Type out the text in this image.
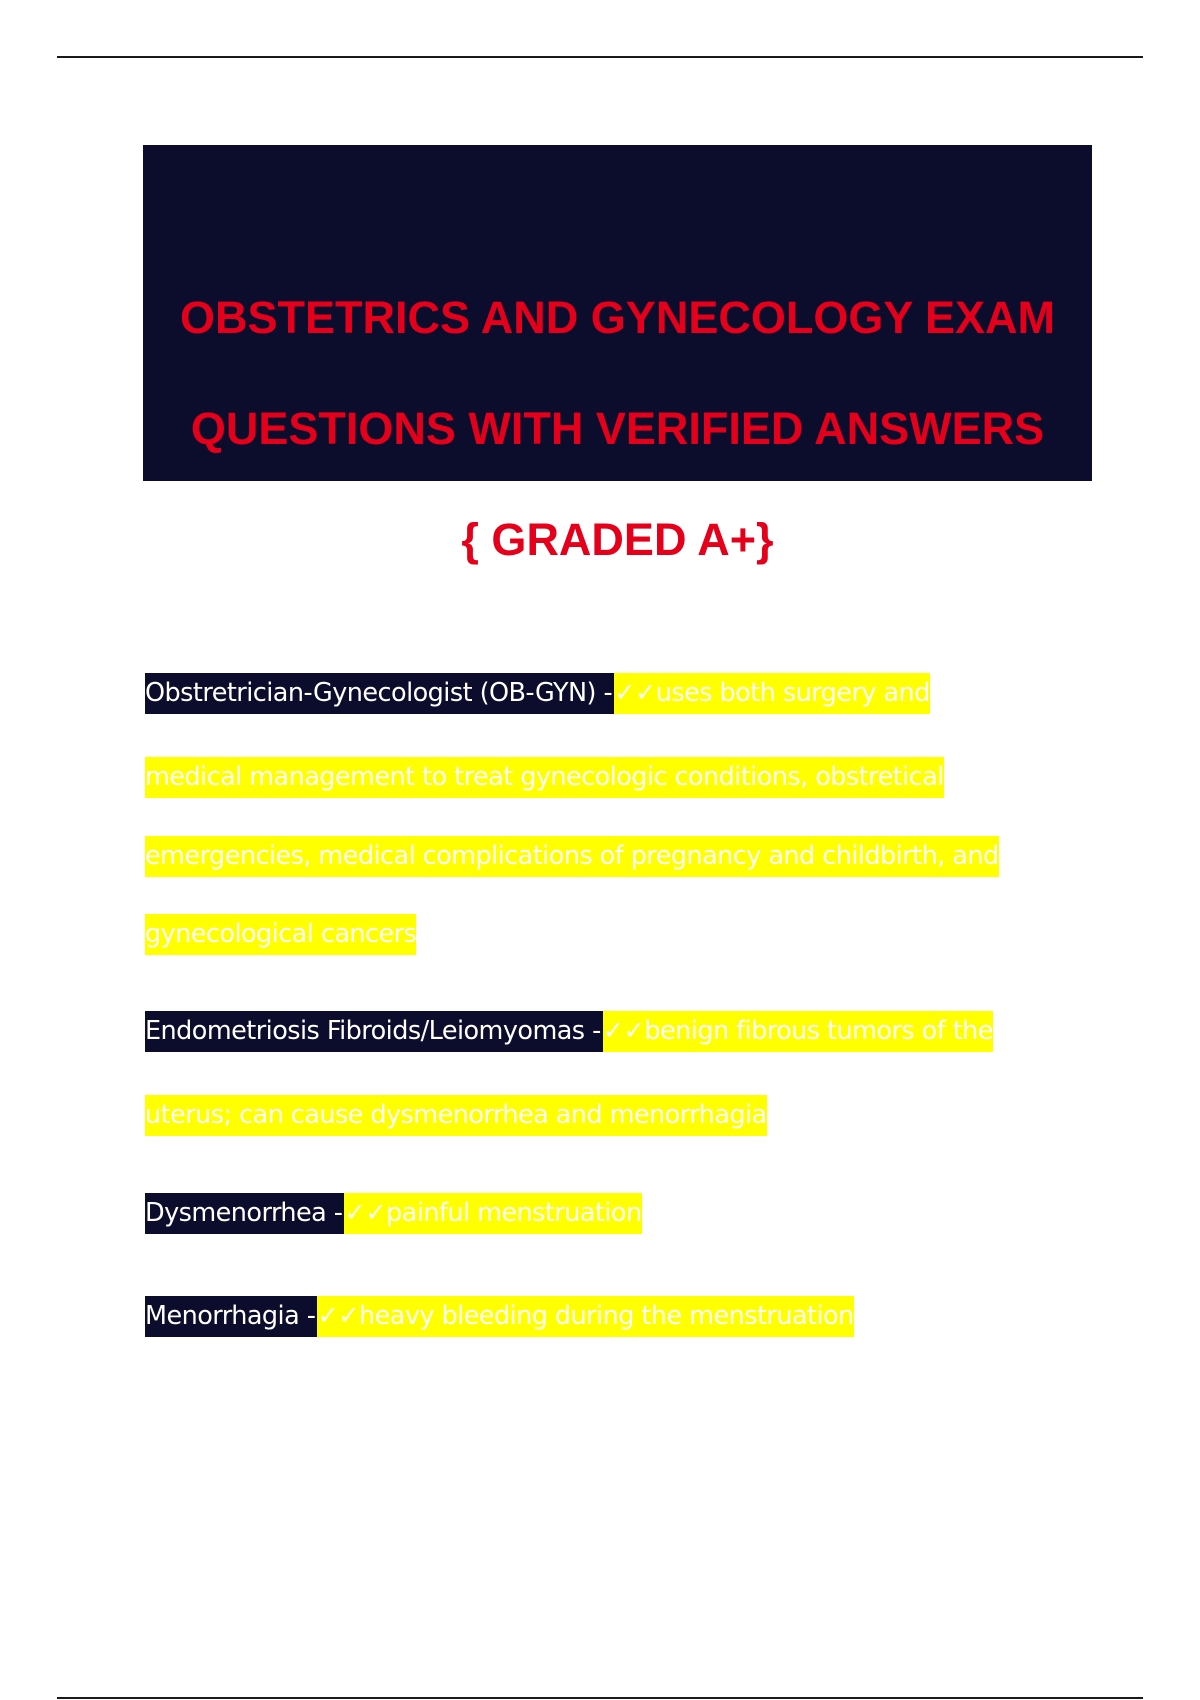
OBSTETRICS AND GYNECOLOGY EXAM
QUESTIONS WITH VERIFIED ANSWERS
{ GRADED A+}
Obstretrician-Gynecologist (OB-GYN) -✓✓uses both surgery and
medical management to treat gynecologic conditions, obstretical
emergencies, medical complications of pregnancy and childbirth, and
gynecological cancers
Endometriosis Fibroids/Leiomyomas -✓✓benign fibrous tumors of the
uterus; can cause dysmenorrhea and menorrhagia
Dysmenorrhea -✓✓painful menstruation
Menorrhagia -✓✓heavy bleeding during the menstruation
